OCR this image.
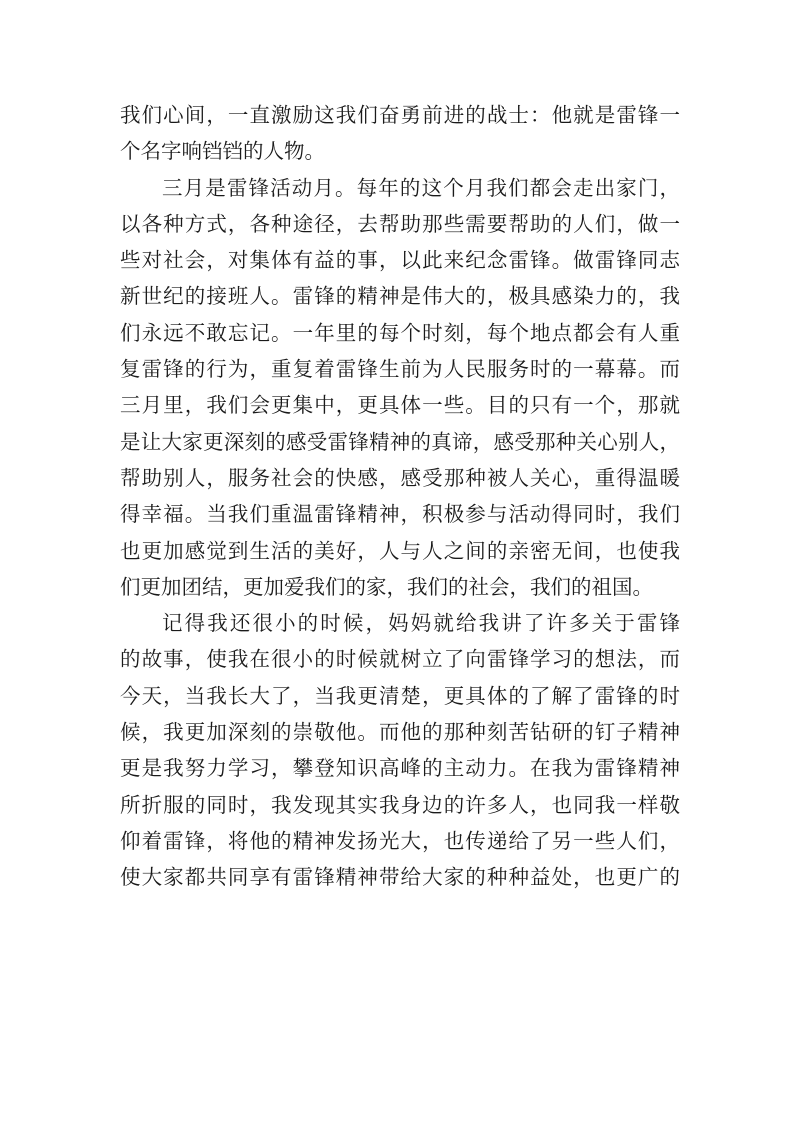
我们心间，一直激励这我们奋勇前进的战士：他就是雷锋一
个名字响铛铛的人物。
三月是雷锋活动月。每年的这个月我们都会走出家门，
以各种方式，各种途径，去帮助那些需要帮助的人们，做一
些对社会，对集体有益的事，以此来纪念雷锋。做雷锋同志
新世纪的接班人。雷锋的精神是伟大的，极具感染力的，我
们永远不敢忘记。一年里的每个时刻，每个地点都会有人重
复雷锋的行为，重复着雷锋生前为人民服务时的一幕幕。而
三月里，我们会更集中，更具体一些。目的只有一个，那就
是让大家更深刻的感受雷锋精神的真谛，感受那种关心别人，
帮助别人，服务社会的快感，感受那种被人关心，重得温暖
得幸福。当我们重温雷锋精神，积极参与活动得同时，我们
也更加感觉到生活的美好，人与人之间的亲密无间，也使我
们更加团结，更加爱我们的家，我们的社会，我们的祖国。
记得我还很小的时候，妈妈就给我讲了许多关于雷锋
的故事，使我在很小的时候就树立了向雷锋学习的想法，而
今天，当我长大了，当我更清楚，更具体的了解了雷锋的时
候，我更加深刻的崇敬他。而他的那种刻苦钻研的钉子精神
更是我努力学习，攀登知识高峰的主动力。在我为雷锋精神
所折服的同时，我发现其实我身边的许多人，也同我一样敬
仰着雷锋，将他的精神发扬光大，也传递给了另一些人们，
使大家都共同享有雷锋精神带给大家的种种益处，也更广的
